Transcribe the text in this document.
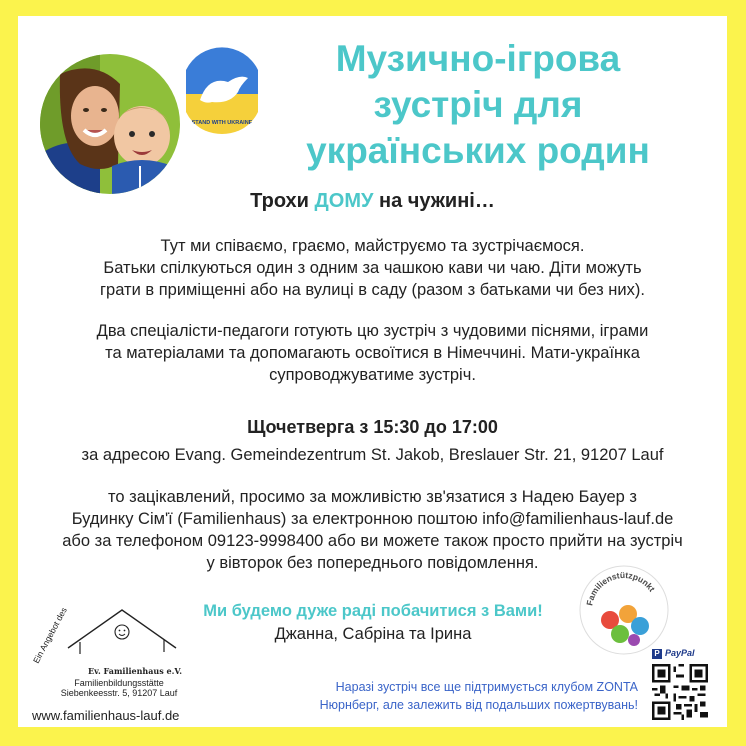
STAND WITH UKRAINE
Музично-ігрова
зустріч для
українських родин

Трохи ДОМУ на чужині…

Тут ми співаємо, граємо, майструємо та зустрічаємося.
Батьки спілкуються один з одним за чашкою кави чи чаю. Діти можуть
грати в приміщенні або на вулиці в саду (разом з батьками чи без них).

Два спеціалісти-педагоги готують цю зустріч з чудовими піснями, іграми
та матеріалами та допомагають освоїтися в Німеччині. Мати-українка
супроводжуватиме зустріч.

Щочетверга з 15:30 до 17:00

за адресою Evang. Gemeindezentrum St. Jakob, Breslauer Str. 21, 91207 Lauf

то зацікавлений, просимо за можливістю зв'язатися з Надею Бауер з
Будинку Сім'ї (Familienhaus) за електронною поштою info@familienhaus-lauf.de
або за телефоном 09123-9998400 або ви можете також просто прийти на зустріч
у вівторок без попереднього повідомлення.

Ми будемо дуже раді побачитися з Вами!

Джанна, Сабріна та Ірина

Familienstützpunkt
Ein Angebot des
Ev. Familienhaus e.V.
Familienbildungsstätte
Siebenkeesstr. 5, 91207 Lauf
www.familienhaus-lauf.de

Наразі зустріч все ще підтримується клубом ZONTA
Нюрнберг, але залежить від подальших пожертвувань!

P PayPal
